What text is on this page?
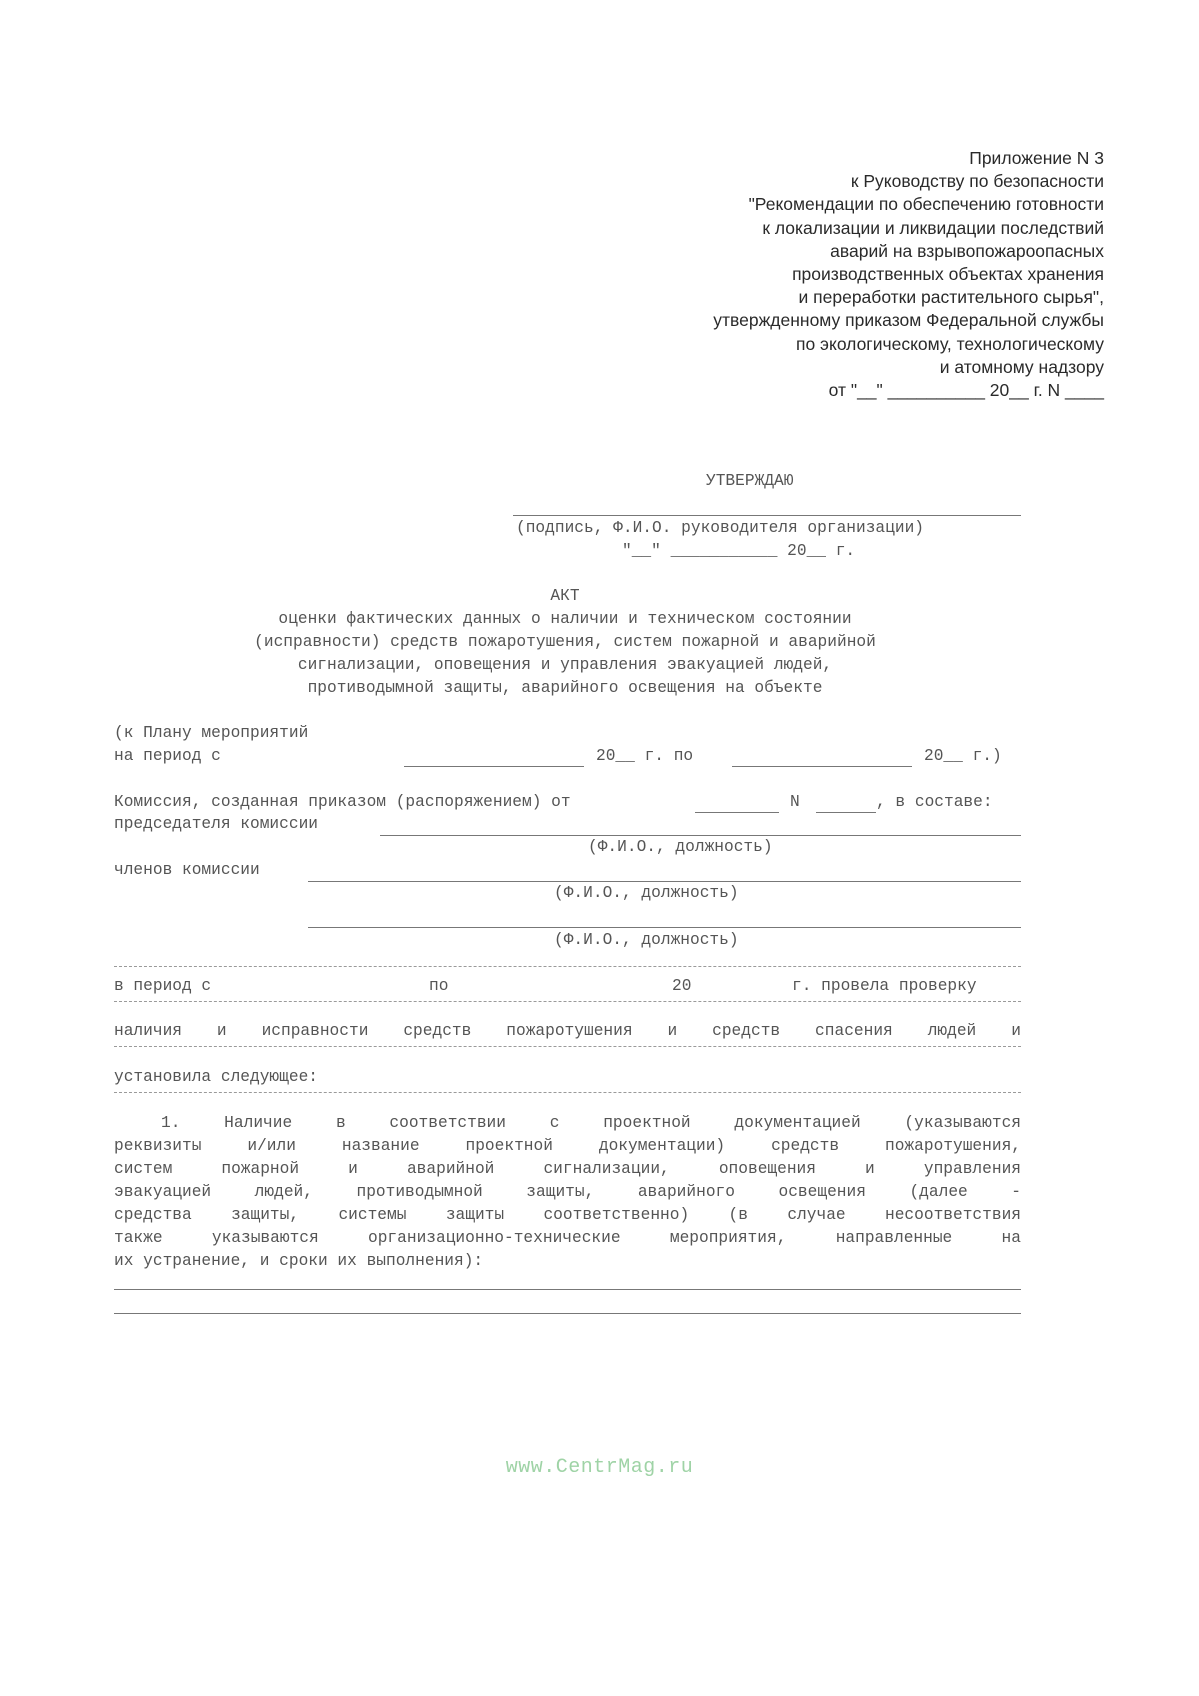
Приложение N 3
к Руководству по безопасности
"Рекомендации по обеспечению готовности
к локализации и ликвидации последствий
аварий на взрывопожароопасных
производственных объектах хранения
и переработки растительного сырья",
утвержденному приказом Федеральной службы
по экологическому, технологическому
и атомному надзору
от "__" __________ 20__ г. N ____
УТВЕРЖДАЮ
(подпись, Ф.И.О. руководителя организации)
"__" ___________ 20__ г.
АКТ
оценки фактических данных о наличии и техническом состоянии
(исправности) средств пожаротушения, систем пожарной и аварийной
сигнализации, оповещения и управления эвакуацией людей,
противодымной защиты, аварийного освещения на объекте
(к Плану мероприятий
на период с	20__ г. по	20__ г.)
Комиссия, созданная приказом (распоряжением) от	N	, в составе:
председателя комиссии
(Ф.И.О., должность)
членов комиссии
(Ф.И.О., должность)
(Ф.И.О., должность)
в период с	по	20	г. провела проверку
наличия и исправности средств пожаротушения и средств спасения людей и
установила следующее:
1. Наличие в соответствии с проектной документацией (указываются
реквизиты и/или название проектной документации) средств пожаротушения,
систем пожарной и аварийной сигнализации, оповещения и управления
эвакуацией людей, противодымной защиты, аварийного освещения (далее -
средства защиты, системы защиты соответственно) (в случае несоответствия
также указываются организационно-технические мероприятия, направленные на
их устранение, и сроки их выполнения):
www.CentrMag.ru
